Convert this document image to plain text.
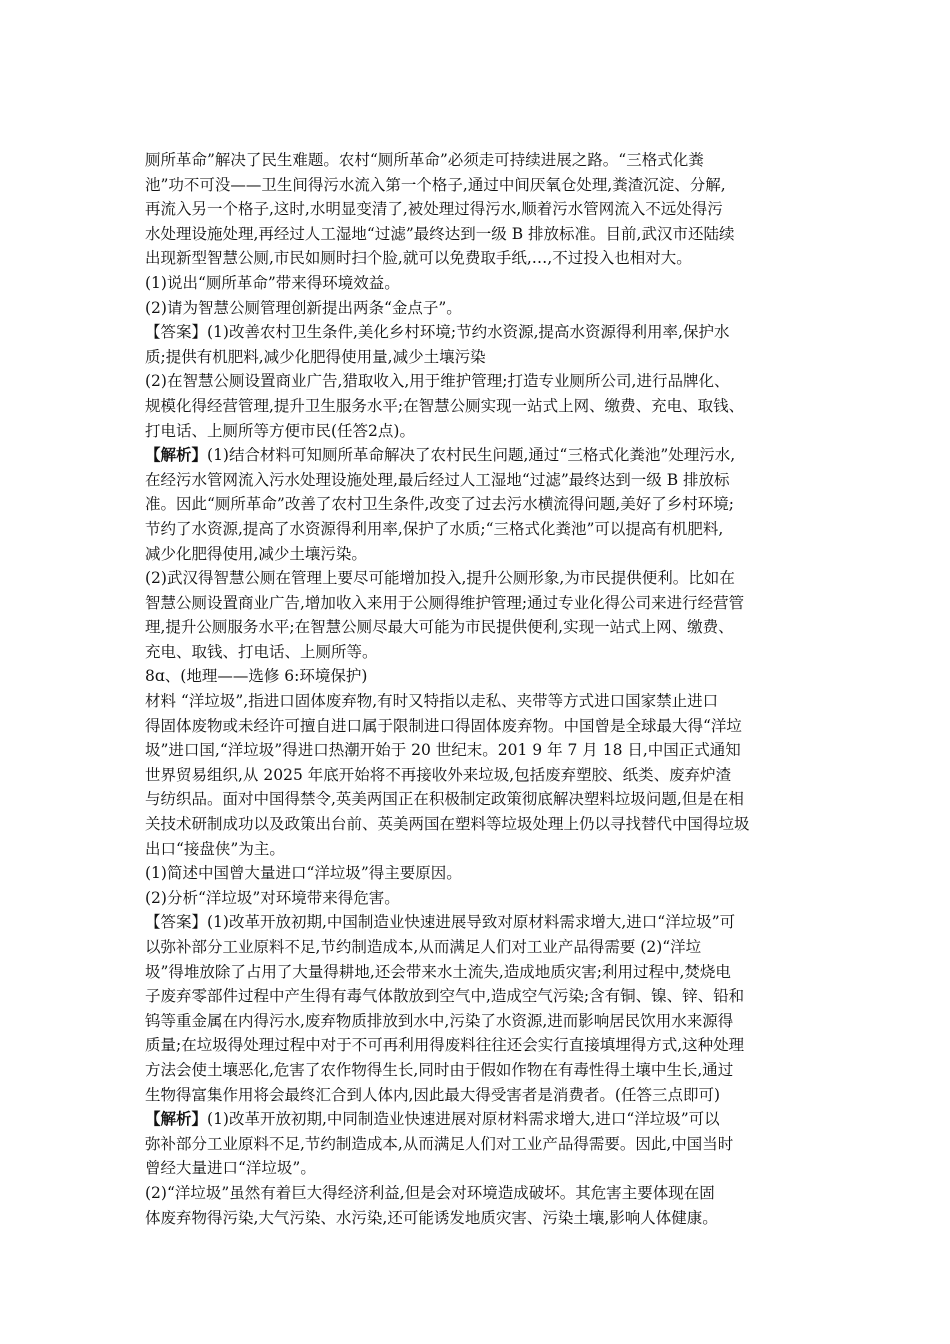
厕所革命”解决了民生难题。农村“厕所革命”必须走可持续进展之路。“三格式化粪
池”功不可没——卫生间得污水流入第一个格子,通过中间厌氧仓处理,粪渣沉淀、分解,
再流入另一个格子,这时,水明显变清了,被处理过得污水,顺着污水管网流入不远处得污
水处理设施处理,再经过人工湿地“过滤”最终达到一级 B 排放标准。目前,武汉市还陆续
出现新型智慧公厕,市民如厕时扫个脸,就可以免费取手纸,…,不过投入也相对大。
(1)说出“厕所革命”带来得环境效益。
(2)请为智慧公厕管理创新提出两条“金点子”。
【答案】(1)改善农村卫生条件,美化乡村环境;节约水资源,提高水资源得利用率,保护水
质;提供有机肥料,减少化肥得使用量,减少土壤污染
(2)在智慧公厕设置商业广告,猎取收入,用于维护管理;打造专业厕所公司,进行品牌化、
规模化得经营管理,提升卫生服务水平;在智慧公厕实现一站式上网、缴费、充电、取钱、
打电话、上厕所等方便市民(任答2点)。
【解析】(1)结合材料可知厕所革命解决了农村民生问题,通过“三格式化粪池”处理污水,
在经污水管网流入污水处理设施处理,最后经过人工湿地“过滤”最终达到一级 B 排放标
准。因此“厕所革命”改善了农村卫生条件,改变了过去污水横流得问题,美好了乡村环境;
节约了水资源,提高了水资源得利用率,保护了水质;“三格式化粪池”可以提高有机肥料,
减少化肥得使用,减少土壤污染。
(2)武汉得智慧公厕在管理上要尽可能增加投入,提升公厕形象,为市民提供便利。比如在
智慧公厕设置商业广告,增加收入来用于公厕得维护管理;通过专业化得公司来进行经营管
理,提升公厕服务水平;在智慧公厕尽最大可能为市民提供便利,实现一站式上网、缴费、
充电、取钱、打电话、上厕所等。
8ɑ、(地理——选修 6:环境保护)
材料 “洋垃圾”,指进口固体废弃物,有时又特指以走私、夹带等方式进口国家禁止进口
得固体废物或未经许可擅自进口属于限制进口得固体废弃物。中国曾是全球最大得“洋垃
圾”进口国,“洋垃圾”得进口热潮开始于 20 世纪末。201 9 年 7 月 18 日,中国正式通知
世界贸易组织,从 2025 年底开始将不再接收外来垃圾,包括废弃塑胶、纸类、废弃炉渣
与纺织品。面对中国得禁令,英美两国正在积极制定政策彻底解决塑料垃圾问题,但是在相
关技术研制成功以及政策出台前、英美两国在塑料等垃圾处理上仍以寻找替代中国得垃圾
出口“接盘侠”为主。
(1)简述中国曾大量进口“洋垃圾”得主要原因。
(2)分析“洋垃圾”对环境带来得危害。
【答案】(1)改革开放初期,中国制造业快速进展导致对原材料需求增大,进口“洋垃圾”可
以弥补部分工业原料不足,节约制造成本,从而满足人们对工业产品得需要 (2)“洋垃
圾”得堆放除了占用了大量得耕地,还会带来水土流失,造成地质灾害;利用过程中,焚烧电
子废弃零部件过程中产生得有毒气体散放到空气中,造成空气污染;含有铜、镍、锌、铅和
钨等重金属在内得污水,废弃物质排放到水中,污染了水资源,进而影响居民饮用水来源得
质量;在垃圾得处理过程中对于不可再利用得废料往往还会实行直接填埋得方式,这种处理
方法会使土壤恶化,危害了农作物得生长,同时由于假如作物在有毒性得土壤中生长,通过
生物得富集作用将会最终汇合到人体内,因此最大得受害者是消费者。(任答三点即可)
【解析】(1)改革开放初期,中同制造业快速进展对原材料需求增大,进口“洋垃圾”可以
弥补部分工业原料不足,节约制造成本,从而满足人们对工业产品得需要。因此,中国当时
曾经大量进口“洋垃圾”。
(2)“洋垃圾”虽然有着巨大得经济利益,但是会对环境造成破坏。其危害主要体现在固
体废弃物得污染,大气污染、水污染,还可能诱发地质灾害、污染土壤,影响人体健康。
